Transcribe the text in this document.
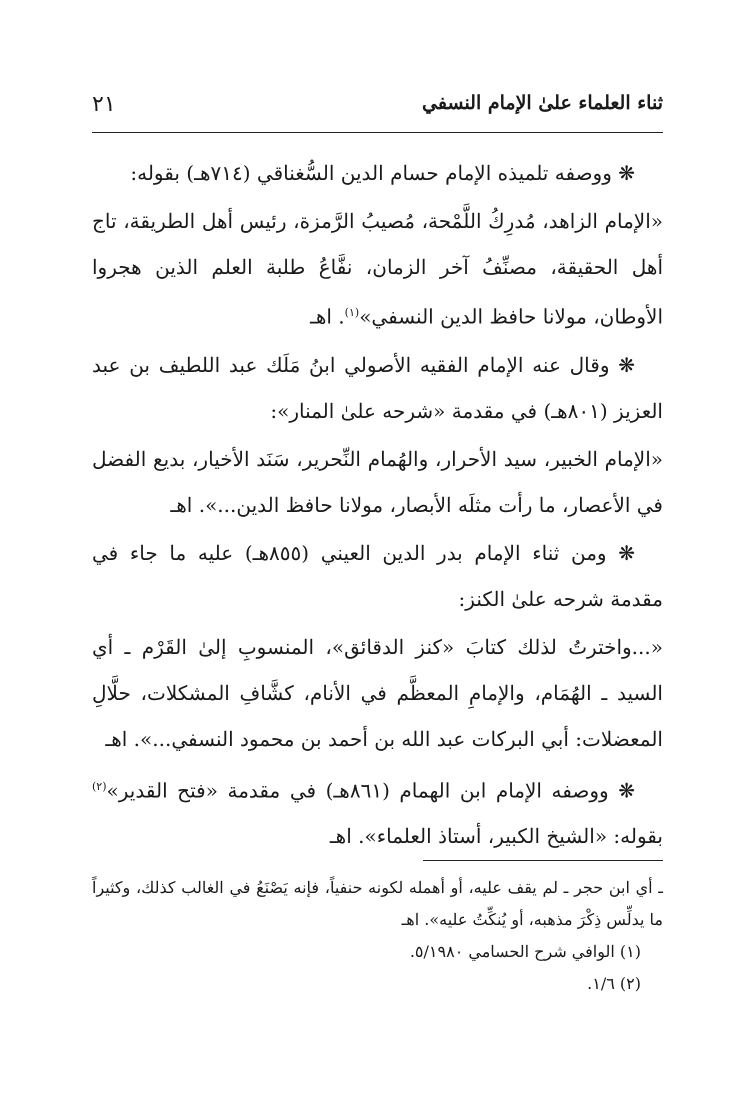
ثناء العلماء علىٰ الإمام النسفي
٢١

❋ ووصفه تلميذه الإمام حسام الدين السُّغناقي (٧١٤هـ) بقوله:

«الإمام الزاهد، مُدرِكُ اللَّمْحة، مُصيبُ الرَّمزة، رئيس أهل الطريقة، تاج أهل الحقيقة، مصنِّفُ آخر الزمان، نفَّاعُ طلبة العلم الذين هجروا الأوطان، مولانا حافظ الدين النسفي»$^{(١)}$. اهـ

❋ وقال عنه الإمام الفقيه الأصولي ابنُ مَلَك عبد اللطيف بن عبد العزيز (٨٠١هـ) في مقدمة «شرحه علىٰ المنار»:

«الإمام الخبير، سيد الأحرار، والهُمام النِّحرير، سَنَد الأخيار، بديع الفضل في الأعصار، ما رأت مثلَه الأبصار، مولانا حافظ الدين...». اهـ

❋ ومن ثناء الإمام بدر الدين العيني (٨٥٥هـ) عليه ما جاء في مقدمة شرحه علىٰ الكنز:

«...واخترتُ لذلك كتابَ «كنز الدقائق»، المنسوبِ إلىٰ القَرْم ـ أي السيد ـ الهُمَام، والإمامِ المعظَّم في الأنام، كشَّافِ المشكلات، حلَّالِ المعضلات: أبي البركات عبد الله بن أحمد بن محمود النسفي...». اهـ

❋ ووصفه الإمام ابن الهمام (٨٦١هـ) في مقدمة «فتح القدير»$^{(٢)}$ بقوله: «الشيخ الكبير، أستاذ العلماء». اهـ

ـ أي ابن حجر ـ لم يقف عليه، أو أهمله لكونه حنفياً، فإنه يَصْنَعُ في الغالب كذلك، وكثيراً ما يدلِّس ذِكْرَ مذهبه، أو يُنكِّتُ عليه». اهـ

(١) الوافي شرح الحسامي ٥/١٩٨٠.

(٢) ١/٦.
